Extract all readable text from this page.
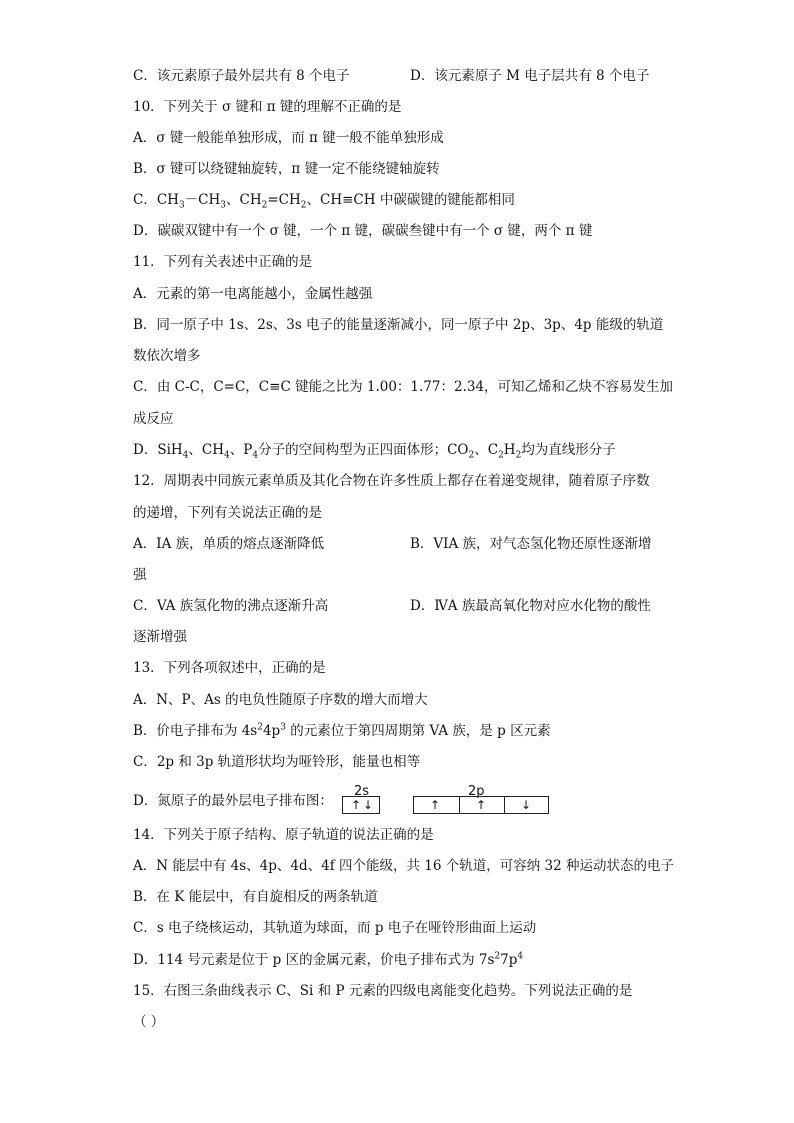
C．该元素原子最外层共有 8 个电子	D．该元素原子 M 电子层共有 8 个电子
10．下列关于 σ 键和 π 键的理解不正确的是
A．σ 键一般能单独形成，而 π 键一般不能单独形成
B．σ 键可以绕键轴旋转，π 键一定不能绕键轴旋转
C．$CH_3-CH_3$、$CH_2=CH_2$、CH≡CH 中碳碳键的键能都相同
D．碳碳双键中有一个 σ 键，一个 π 键，碳碳叁键中有一个 σ 键，两个 π 键
11．下列有关表述中正确的是
A．元素的第一电离能越小，金属性越强
B．同一原子中 1s、2s、3s 电子的能量逐渐减小，同一原子中 2p、3p、4p 能级的轨道
数依次增多
C．由 C-C，C=C，C≡C 键能之比为 1.00：1.77：2.34，可知乙烯和乙炔不容易发生加
成反应
D．SiH$_4$、$CH_4$、$P_4$分子的空间构型为正四面体形；$CO_2$、$C_2H_2$均为直线形分子
12．周期表中同族元素单质及其化合物在许多性质上都存在着递变规律，随着原子序数
的递增，下列有关说法正确的是
A．IA 族，单质的熔点逐渐降低	B．VIA 族，对气态氢化物还原性逐渐增
强
C．VA 族氢化物的沸点逐渐升高	D．ⅣA 族最高氧化物对应水化物的酸性
逐渐增强
13．下列各项叙述中，正确的是
A．N、P、As 的电负性随原子序数的增大而增大
B．价电子排布为 $4s^24p^3$ 的元素位于第四周期第 VA 族，是 p 区元素
C．2p 和 3p 轨道形状均为哑铃形，能量也相等
D．氮原子的最外层电子排布图：
2s
↑ ↓
2p
↑	↑	↓
14．下列关于原子结构、原子轨道的说法正确的是
A．N 能层中有 4s、4p、4d、4f 四个能级，共 16 个轨道，可容纳 32 种运动状态的电子
B．在 K 能层中，有自旋相反的两条轨道
C．s 电子绕核运动，其轨道为球面，而 p 电子在哑铃形曲面上运动
D．114 号元素是位于 p 区的金属元素，价电子排布式为 $7s^27p^4$
15．右图三条曲线表示 C、Si 和 P 元素的四级电离能变化趋势。下列说法正确的是
（ ）
